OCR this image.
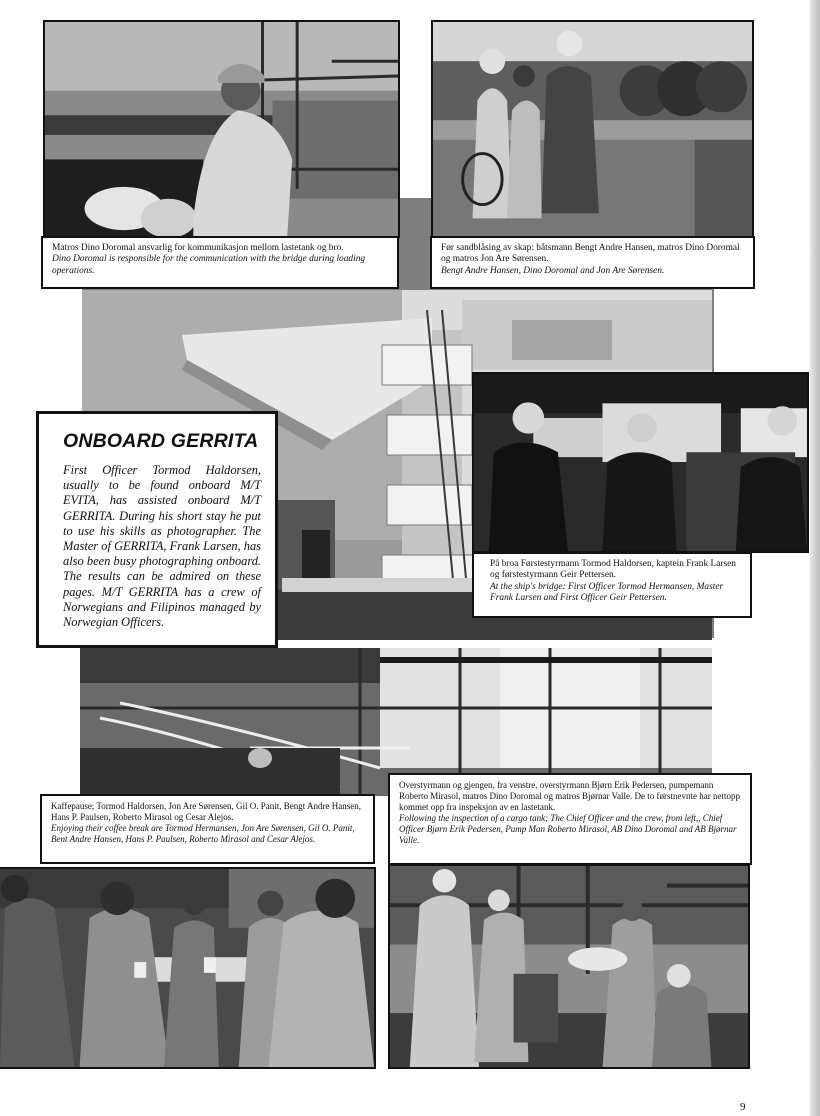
Matros Dino Doromal ansvarlig for kommunikasjon mellom lastetank og bro.
Dino Doromal is responsible for the communication with the bridge during loading operations.
Før sandblåsing av skap: båtsmann Bengt Andre Hansen, matros Dino Doromal og matros Jon Are Sørensen.
Bengt Andre Hansen, Dino Doromal and Jon Are Sørensen.
På broa Førstestyrmann Tormod Haldorsen, kaptein Frank Larsen og førstestyrmann Geir Pettersen.
At the ship's bridge: First Officer Tormod Hermansen, Master Frank Larsen and First Officer Geir Pettersen.
ONBOARD GERRITA

First Officer Tormod Haldorsen, usually to be found onboard M/T EVITA, has assisted onboard M/T GERRITA. During his short stay he put to use his skills as photographer. The Master of GERRITA, Frank Larsen, has also been busy photographing onboard. The results can be admired on these pages. M/T GERRITA has a crew of Norwegians and Filipinos managed by Norwegian Officers.

Kaffepause; Tormod Haldorsen, Jon Are Sørensen, Gil O. Panit, Bengt Andre Hansen, Hans P. Paulsen, Roberto Mirasol og Cesar Alejos.
Enjoying their coffee break are Tormod Hermansen, Jon Are Sørensen, Gil O. Panit, Bent Andre Hansen, Hans P. Paulsen, Roberto Mirasol and Cesar Alejos.
Overstyrmann og gjengen, fra venstre, overstyrmann Bjørn Erik Pedersen, pumpemann Roberto Mirasol, matros Dino Doromal og matros Bjørnar Valle. De to førstnevnte har nettopp kommet opp fra inspeksjon av en lastetank.
Following the inspection of a cargo tank; The Chief Officer and the crew, from left,, Chief Officer Bjørn Erik Pedersen, Pump Man Roberto Mirasol, AB Dino Doromal and AB Bjørnar Valle.
9
